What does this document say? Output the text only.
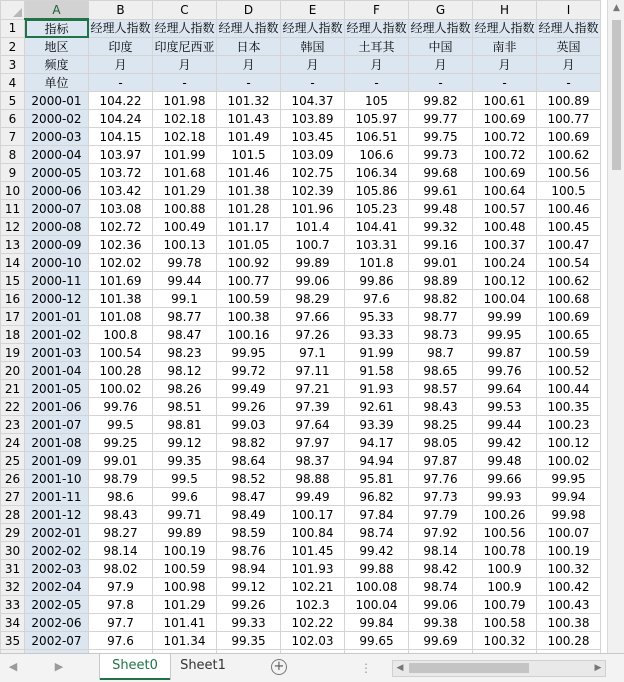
	A	B	C	D	E	F	G	H	I
1	指标	经理人指数	经理人指数	经理人指数	经理人指数	经理人指数	经理人指数	经理人指数	经理人指数
2	地区	印度	印度尼西亚	日本	韩国	土耳其	中国	南非	英国
3	频度	月	月	月	月	月	月	月	月
4	单位	-	-	-	-	-	-	-	-
5	2000-01	104.22	101.98	101.32	104.37	105	99.82	100.61	100.89
6	2000-02	104.24	102.18	101.43	103.89	105.97	99.77	100.69	100.77
7	2000-03	104.15	102.18	101.49	103.45	106.51	99.75	100.72	100.69
8	2000-04	103.97	101.99	101.5	103.09	106.6	99.73	100.72	100.62
9	2000-05	103.72	101.68	101.46	102.75	106.34	99.68	100.69	100.56
10	2000-06	103.42	101.29	101.38	102.39	105.86	99.61	100.64	100.5
11	2000-07	103.08	100.88	101.28	101.96	105.23	99.48	100.57	100.46
12	2000-08	102.72	100.49	101.17	101.4	104.41	99.32	100.48	100.45
13	2000-09	102.36	100.13	101.05	100.7	103.31	99.16	100.37	100.47
14	2000-10	102.02	99.78	100.92	99.89	101.8	99.01	100.24	100.54
15	2000-11	101.69	99.44	100.77	99.06	99.86	98.89	100.12	100.62
16	2000-12	101.38	99.1	100.59	98.29	97.6	98.82	100.04	100.68
17	2001-01	101.08	98.77	100.38	97.66	95.33	98.77	99.99	100.69
18	2001-02	100.8	98.47	100.16	97.26	93.33	98.73	99.95	100.65
19	2001-03	100.54	98.23	99.95	97.1	91.99	98.7	99.87	100.59
20	2001-04	100.28	98.12	99.72	97.11	91.58	98.65	99.76	100.52
21	2001-05	100.02	98.26	99.49	97.21	91.93	98.57	99.64	100.44
22	2001-06	99.76	98.51	99.26	97.39	92.61	98.43	99.53	100.35
23	2001-07	99.5	98.81	99.03	97.64	93.39	98.25	99.44	100.23
24	2001-08	99.25	99.12	98.82	97.97	94.17	98.05	99.42	100.12
25	2001-09	99.01	99.35	98.64	98.37	94.94	97.87	99.48	100.02
26	2001-10	98.79	99.5	98.52	98.88	95.81	97.76	99.66	99.95
27	2001-11	98.6	99.6	98.47	99.49	96.82	97.73	99.93	99.94
28	2001-12	98.43	99.71	98.49	100.17	97.84	97.79	100.26	99.98
29	2002-01	98.27	99.89	98.59	100.84	98.74	97.92	100.56	100.07
30	2002-02	98.14	100.19	98.76	101.45	99.42	98.14	100.78	100.19
31	2002-03	98.02	100.59	98.94	101.93	99.88	98.42	100.9	100.32
32	2002-04	97.9	100.98	99.12	102.21	100.08	98.74	100.9	100.42
33	2002-05	97.8	101.29	99.26	102.3	100.04	99.06	100.79	100.43
34	2002-06	97.7	101.41	99.33	102.22	99.84	99.38	100.58	100.38
35	2002-07	97.6	101.34	99.35	102.03	99.65	99.69	100.32	100.28

▲
◀	▶	Sheet0	Sheet1	+	⋮	◀	▶
